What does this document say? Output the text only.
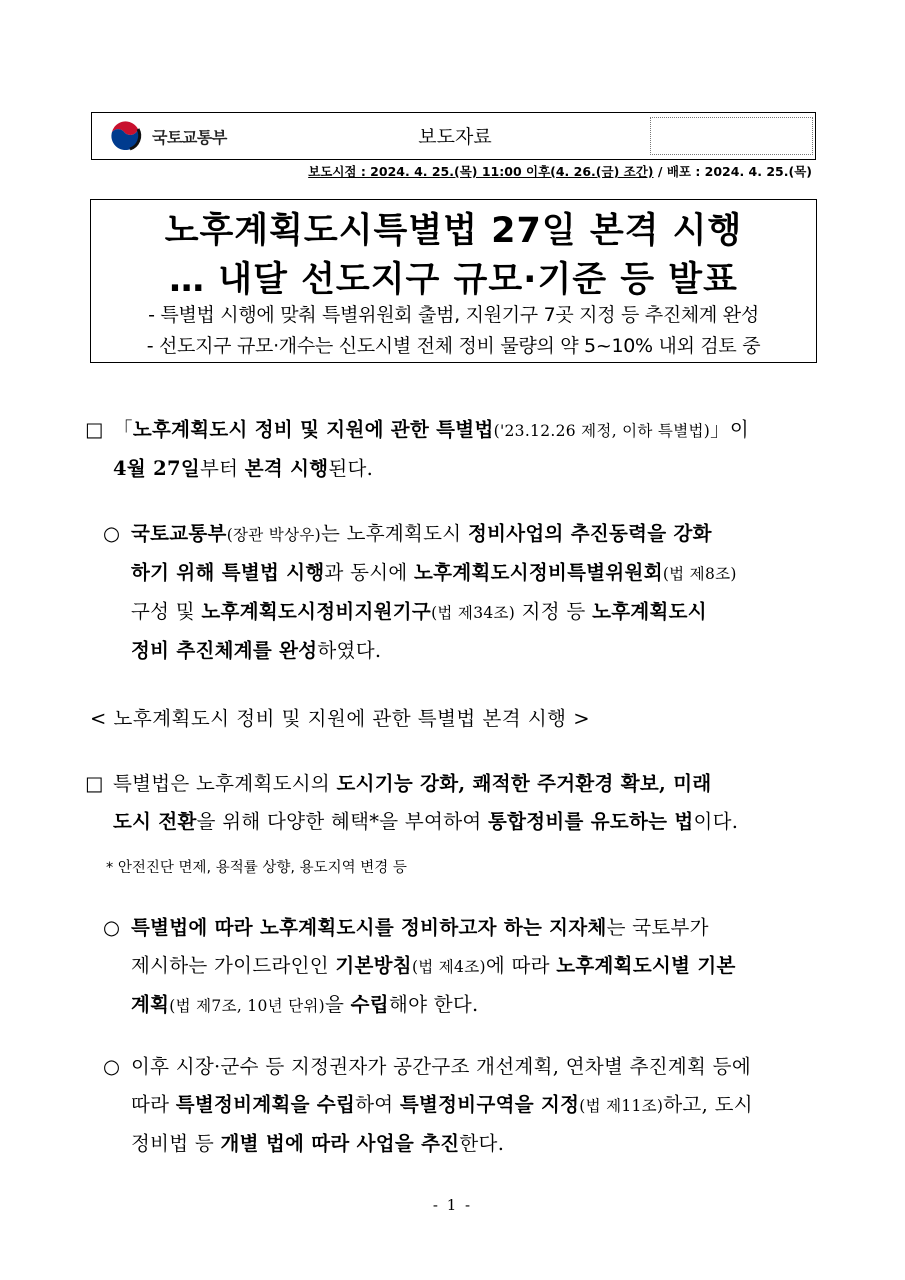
국토교통부	보도자료
보도시점 : 2024. 4. 25.(목) 11:00 이후(4. 26.(금) 조간) / 배포 : 2024. 4. 25.(목)
노후계획도시특별법 27일 본격 시행
… 내달 선도지구 규모·기준 등 발표
- 특별법 시행에 맞춰 특별위원회 출범, 지원기구 7곳 지정 등 추진체계 완성
- 선도지구 규모·개수는 신도시별 전체 정비 물량의 약 5~10% 내외 검토 중
□ 「노후계획도시 정비 및 지원에 관한 특별법('23.12.26 제정, 이하 특별법)」이
4월 27일부터 본격 시행된다.
○ 국토교통부(장관 박상우)는 노후계획도시 정비사업의 추진동력을 강화
하기 위해 특별법 시행과 동시에 노후계획도시정비특별위원회(법 제8조)
구성 및 노후계획도시정비지원기구(법 제34조) 지정 등 노후계획도시
정비 추진체계를 완성하였다.
< 노후계획도시 정비 및 지원에 관한 특별법 본격 시행 >
□ 특별법은 노후계획도시의 도시기능 강화, 쾌적한 주거환경 확보, 미래
도시 전환을 위해 다양한 혜택*을 부여하여 통합정비를 유도하는 법이다.
* 안전진단 면제, 용적률 상향, 용도지역 변경 등
○ 특별법에 따라 노후계획도시를 정비하고자 하는 지자체는 국토부가
제시하는 가이드라인인 기본방침(법 제4조)에 따라 노후계획도시별 기본
계획(법 제7조, 10년 단위)을 수립해야 한다.
○ 이후 시장·군수 등 지정권자가 공간구조 개선계획, 연차별 추진계획 등에
따라 특별정비계획을 수립하여 특별정비구역을 지정(법 제11조)하고, 도시
정비법 등 개별 법에 따라 사업을 추진한다.
- 1 -
